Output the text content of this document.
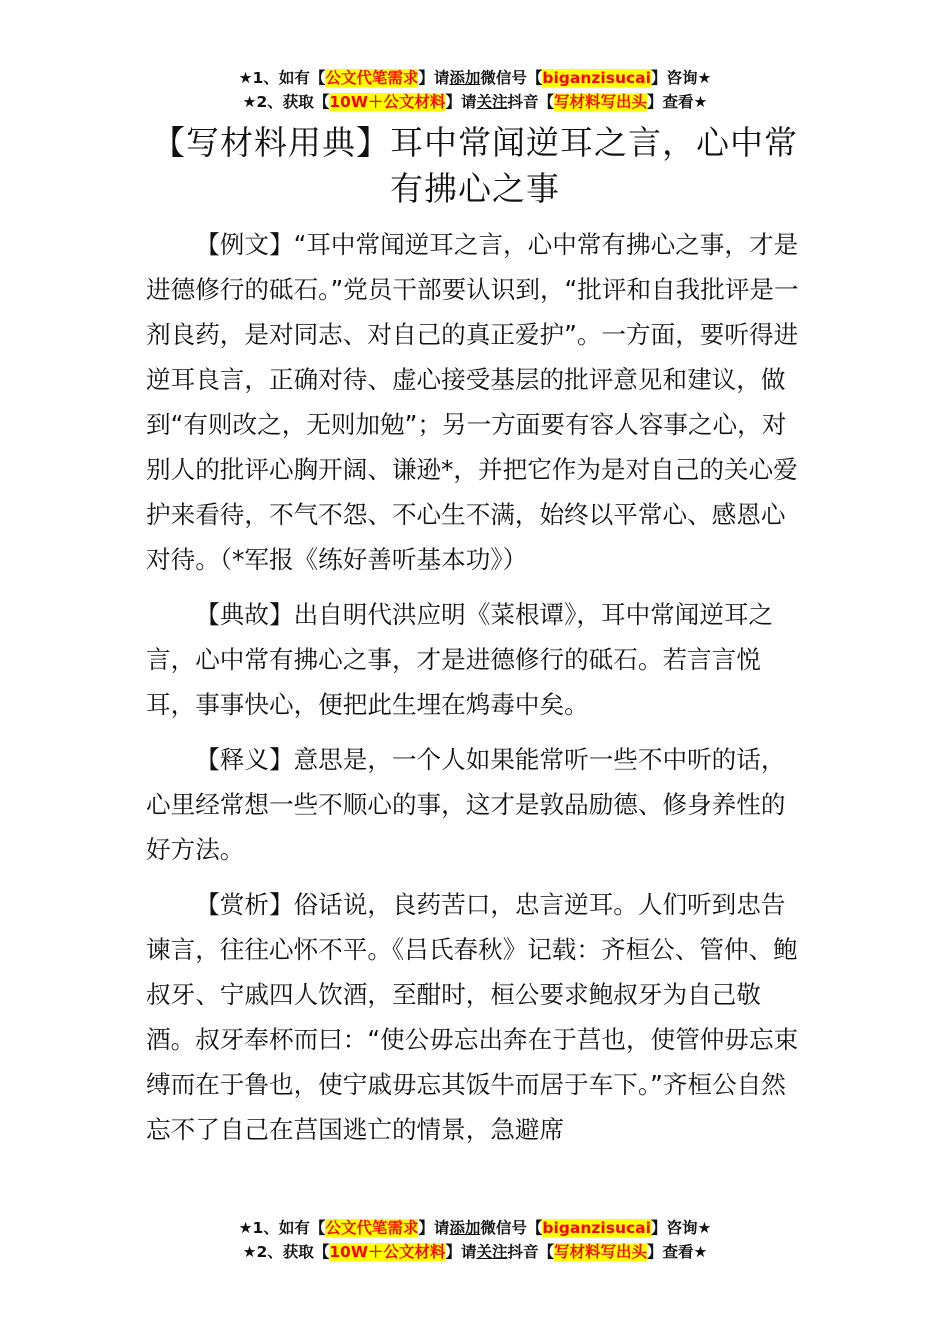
★1、如有【公文代笔需求】请添加微信号【biganzisucai】咨询★
★2、获取【10W＋公文材料】请关注抖音【写材料写出头】查看★
【写材料用典】耳中常闻逆耳之言，心中常
有拂心之事

【例文】“耳中常闻逆耳之言，心中常有拂心之事，才是进德修行的砥石。”党员干部要认识到，“批评和自我批评是一剂良药，是对同志、对自己的真正爱护”。一方面，要听得进逆耳良言，正确对待、虚心接受基层的批评意见和建议，做到“有则改之，无则加勉”；另一方面要有容人容事之心，对别人的批评心胸开阔、谦逊*，并把它作为是对自己的关心爱护来看待，不气不怨、不心生不满，始终以平常心、感恩心对待。（*军报《练好善听基本功》）

【典故】出自明代洪应明《菜根谭》，耳中常闻逆耳之言，心中常有拂心之事，才是进德修行的砥石。若言言悦耳，事事快心，便把此生埋在鸩毒中矣。

【释义】意思是，一个人如果能常听一些不中听的话，心里经常想一些不顺心的事，这才是敦品励德、修身养性的好方法。

【赏析】俗话说，良药苦口，忠言逆耳。人们听到忠告谏言，往往心怀不平。《吕氏春秋》记载：齐桓公、管仲、鲍叔牙、宁戚四人饮酒，至酣时，桓公要求鲍叔牙为自己敬酒。叔牙奉杯而曰：“使公毋忘出奔在于莒也，使管仲毋忘束缚而在于鲁也，使宁戚毋忘其饭牛而居于车下。”齐桓公自然忘不了自己在莒国逃亡的情景，急避席

★1、如有【公文代笔需求】请添加微信号【biganzisucai】咨询★
★2、获取【10W＋公文材料】请关注抖音【写材料写出头】查看★
